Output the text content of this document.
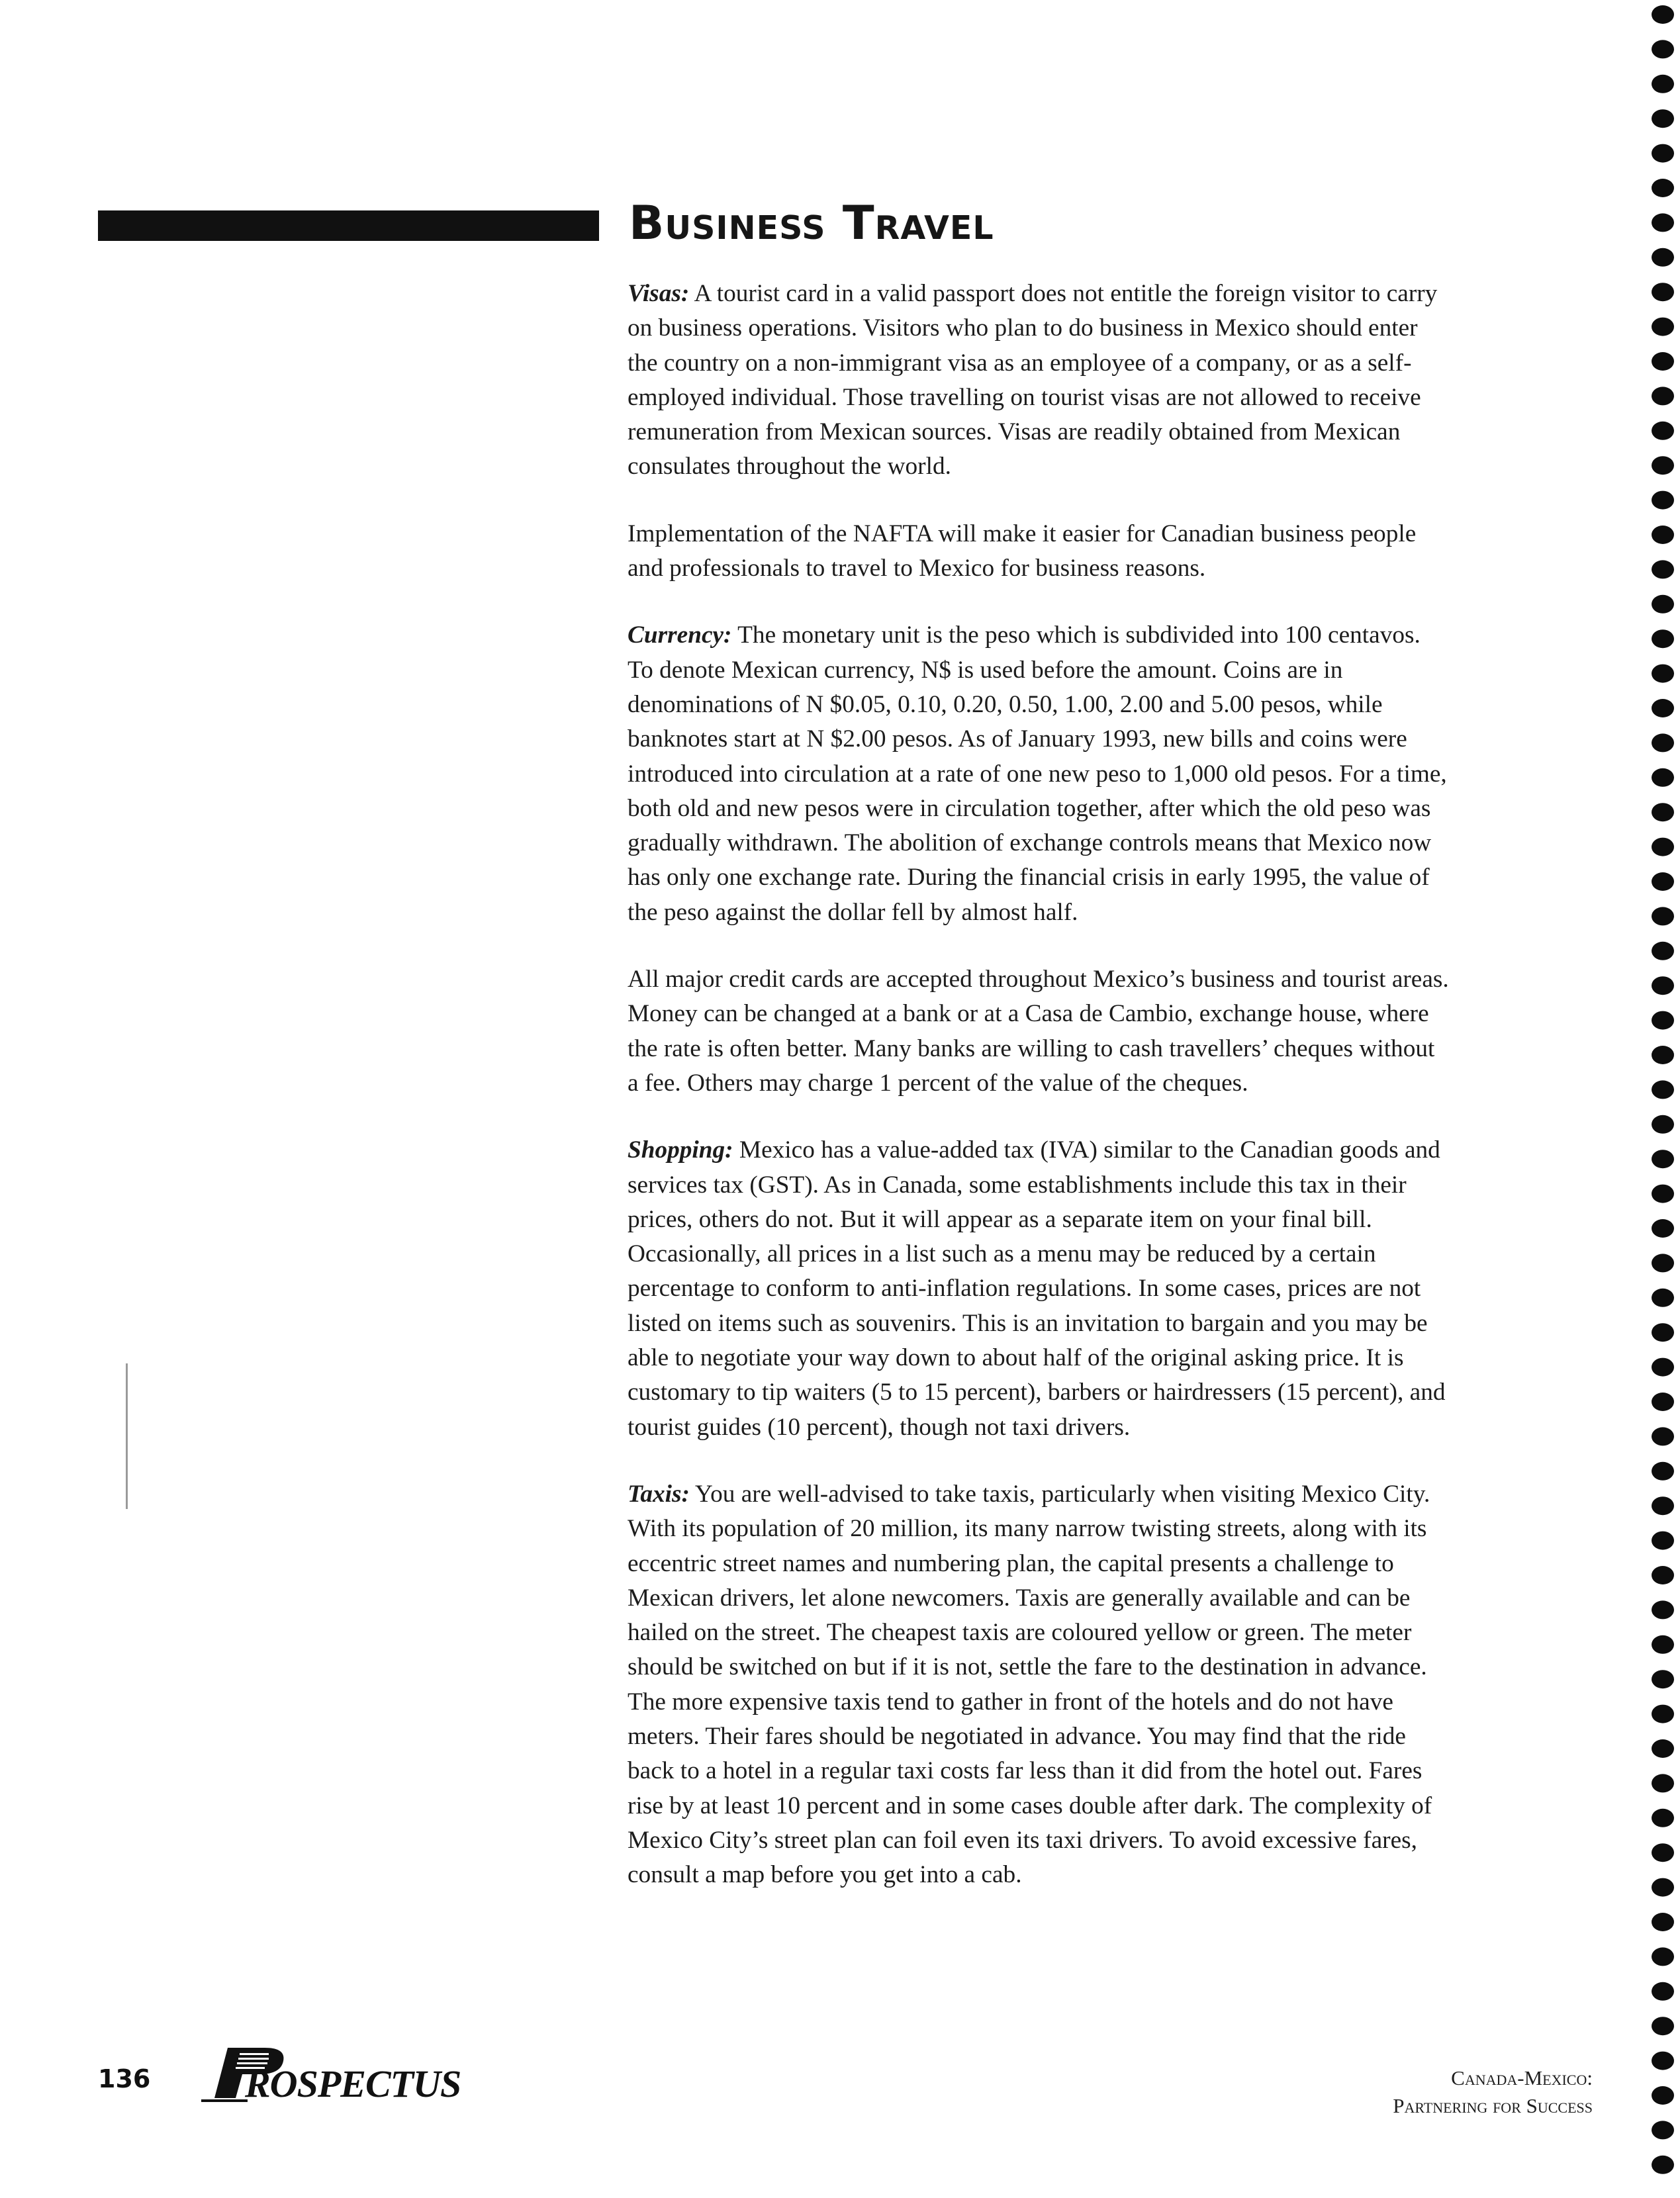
Business Travel

Visas: A tourist card in a valid passport does not entitle the foreign visitor to carry
on business operations. Visitors who plan to do business in Mexico should enter
the country on a non-immigrant visa as an employee of a company, or as a self-
employed individual. Those travelling on tourist visas are not allowed to receive
remuneration from Mexican sources. Visas are readily obtained from Mexican
consulates throughout the world.

Implementation of the NAFTA will make it easier for Canadian business people
and professionals to travel to Mexico for business reasons.

Currency: The monetary unit is the peso which is subdivided into 100 centavos.
To denote Mexican currency, N$ is used before the amount. Coins are in
denominations of N $0.05, 0.10, 0.20, 0.50, 1.00, 2.00 and 5.00 pesos, while
banknotes start at N $2.00 pesos. As of January 1993, new bills and coins were
introduced into circulation at a rate of one new peso to 1,000 old pesos. For a time,
both old and new pesos were in circulation together, after which the old peso was
gradually withdrawn. The abolition of exchange controls means that Mexico now
has only one exchange rate. During the financial crisis in early 1995, the value of
the peso against the dollar fell by almost half.

All major credit cards are accepted throughout Mexico’s business and tourist areas.
Money can be changed at a bank or at a Casa de Cambio, exchange house, where
the rate is often better. Many banks are willing to cash travellers’ cheques without
a fee. Others may charge 1 percent of the value of the cheques.

Shopping: Mexico has a value-added tax (IVA) similar to the Canadian goods and
services tax (GST). As in Canada, some establishments include this tax in their
prices, others do not. But it will appear as a separate item on your final bill.
Occasionally, all prices in a list such as a menu may be reduced by a certain
percentage to conform to anti-inflation regulations. In some cases, prices are not
listed on items such as souvenirs. This is an invitation to bargain and you may be
able to negotiate your way down to about half of the original asking price. It is
customary to tip waiters (5 to 15 percent), barbers or hairdressers (15 percent), and
tourist guides (10 percent), though not taxi drivers.

Taxis: You are well-advised to take taxis, particularly when visiting Mexico City.
With its population of 20 million, its many narrow twisting streets, along with its
eccentric street names and numbering plan, the capital presents a challenge to
Mexican drivers, let alone newcomers. Taxis are generally available and can be
hailed on the street. The cheapest taxis are coloured yellow or green. The meter
should be switched on but if it is not, settle the fare to the destination in advance.
The more expensive taxis tend to gather in front of the hotels and do not have
meters. Their fares should be negotiated in advance. You may find that the ride
back to a hotel in a regular taxi costs far less than it did from the hotel out. Fares
rise by at least 10 percent and in some cases double after dark. The complexity of
Mexico City’s street plan can foil even its taxi drivers. To avoid excessive fares,
consult a map before you get into a cab.

136 ROSPECTUS	Canada-Mexico:
Partnering for Success
